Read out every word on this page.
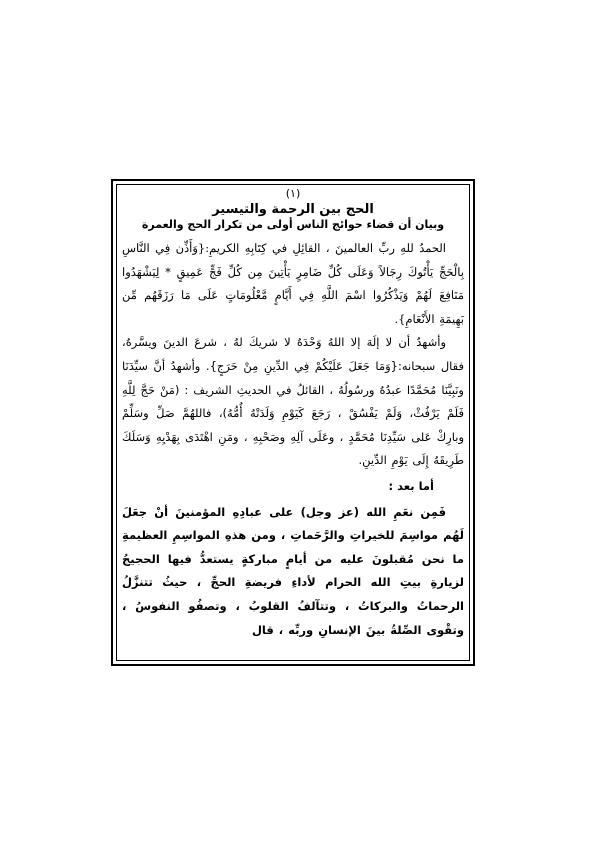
(١)
الحج بين الرحمة والتيسير
وبيان أن قضاء حوائج الناس أولى من تكرار الحج والعمرة

الحمدُ للهِ ربِّ العالمينَ ، القائِلِ في كِتَابِهِ الكريمِ:{وَأَذِّن فِي النَّاسِ بِالْحَجِّ يَأْتُوكَ رِجَالاً وَعَلَى كُلِّ ضَامِرٍ يَأْتِينَ مِن كُلِّ فَجٍّ عَمِيقٍ * لِيَشْهَدُوا مَنَافِعَ لَهُمْ وَيَذْكُرُوا اسْمَ اللَّهِ فِي أَيَّامٍ مَّعْلُومَاتٍ عَلَى مَا رَزَقَهُم مِّن بَهِيمَةِ الأَنْعَامِ}.

وأشهدُ أن لا إلَهَ إلا اللهُ وَحْدَهُ لا شريكَ لهُ ، شرعَ الدينَ ويسَّرهُ، فقال سبحانه:{وَمَا جَعَلَ عَلَيْكُمْ فِي الدِّينِ مِنْ حَرَجٍ}. وأشهدُ أنَّ سيِّدَنَا ونَبِيَّنَا مُحَمَّدًا عبدُهُ ورسُولُهُ ، القائلُ في الحديثِ الشريف : (مَنْ حَجَّ لِلَّهِ فَلَمْ يَرْفُثْ، وَلَمْ يَفْسُقْ ، رَجَعَ كَيَوْمِ وَلَدَتْهُ أُمُّهُ)، فاللهُمَّ صَلِّ وسَلِّمْ وبارِكْ عَلى سَيِّدِنَا مُحَمَّدٍ ، وعَلَى آلِهِ وصَحْبِهِ ، ومَنِ اهْتَدَى بِهَدْيِهِ وَسَلَكَ طَرِيقَهُ إِلَى يَوْمِ الدِّينِ.

أما بعد :

فَمِن نعَمِ الله (عز وجل) على عبادِهِ المؤمنينَ أنْ جعَلَ لَهُم مواسِمَ للخيراتِ والرَّحَماتِ ، ومن هذهِ المواسِمِ العظيمةِ ما نحن مُقبلونَ عليه من أيامٍ مباركةٍ يستعدُّ فيها الحجيجُ لزيارةِ بيتِ الله الحرام لأداءِ فريضةِ الحجِّ ، حيثُ تتنزَّلُ الرحماتُ والبركاتُ ، وتتآلفُ القلوبُ ، وتصفُو النفوسُ ، وتقْوى الصِّلةُ بينَ الإنسانِ وربِّه ، قال
